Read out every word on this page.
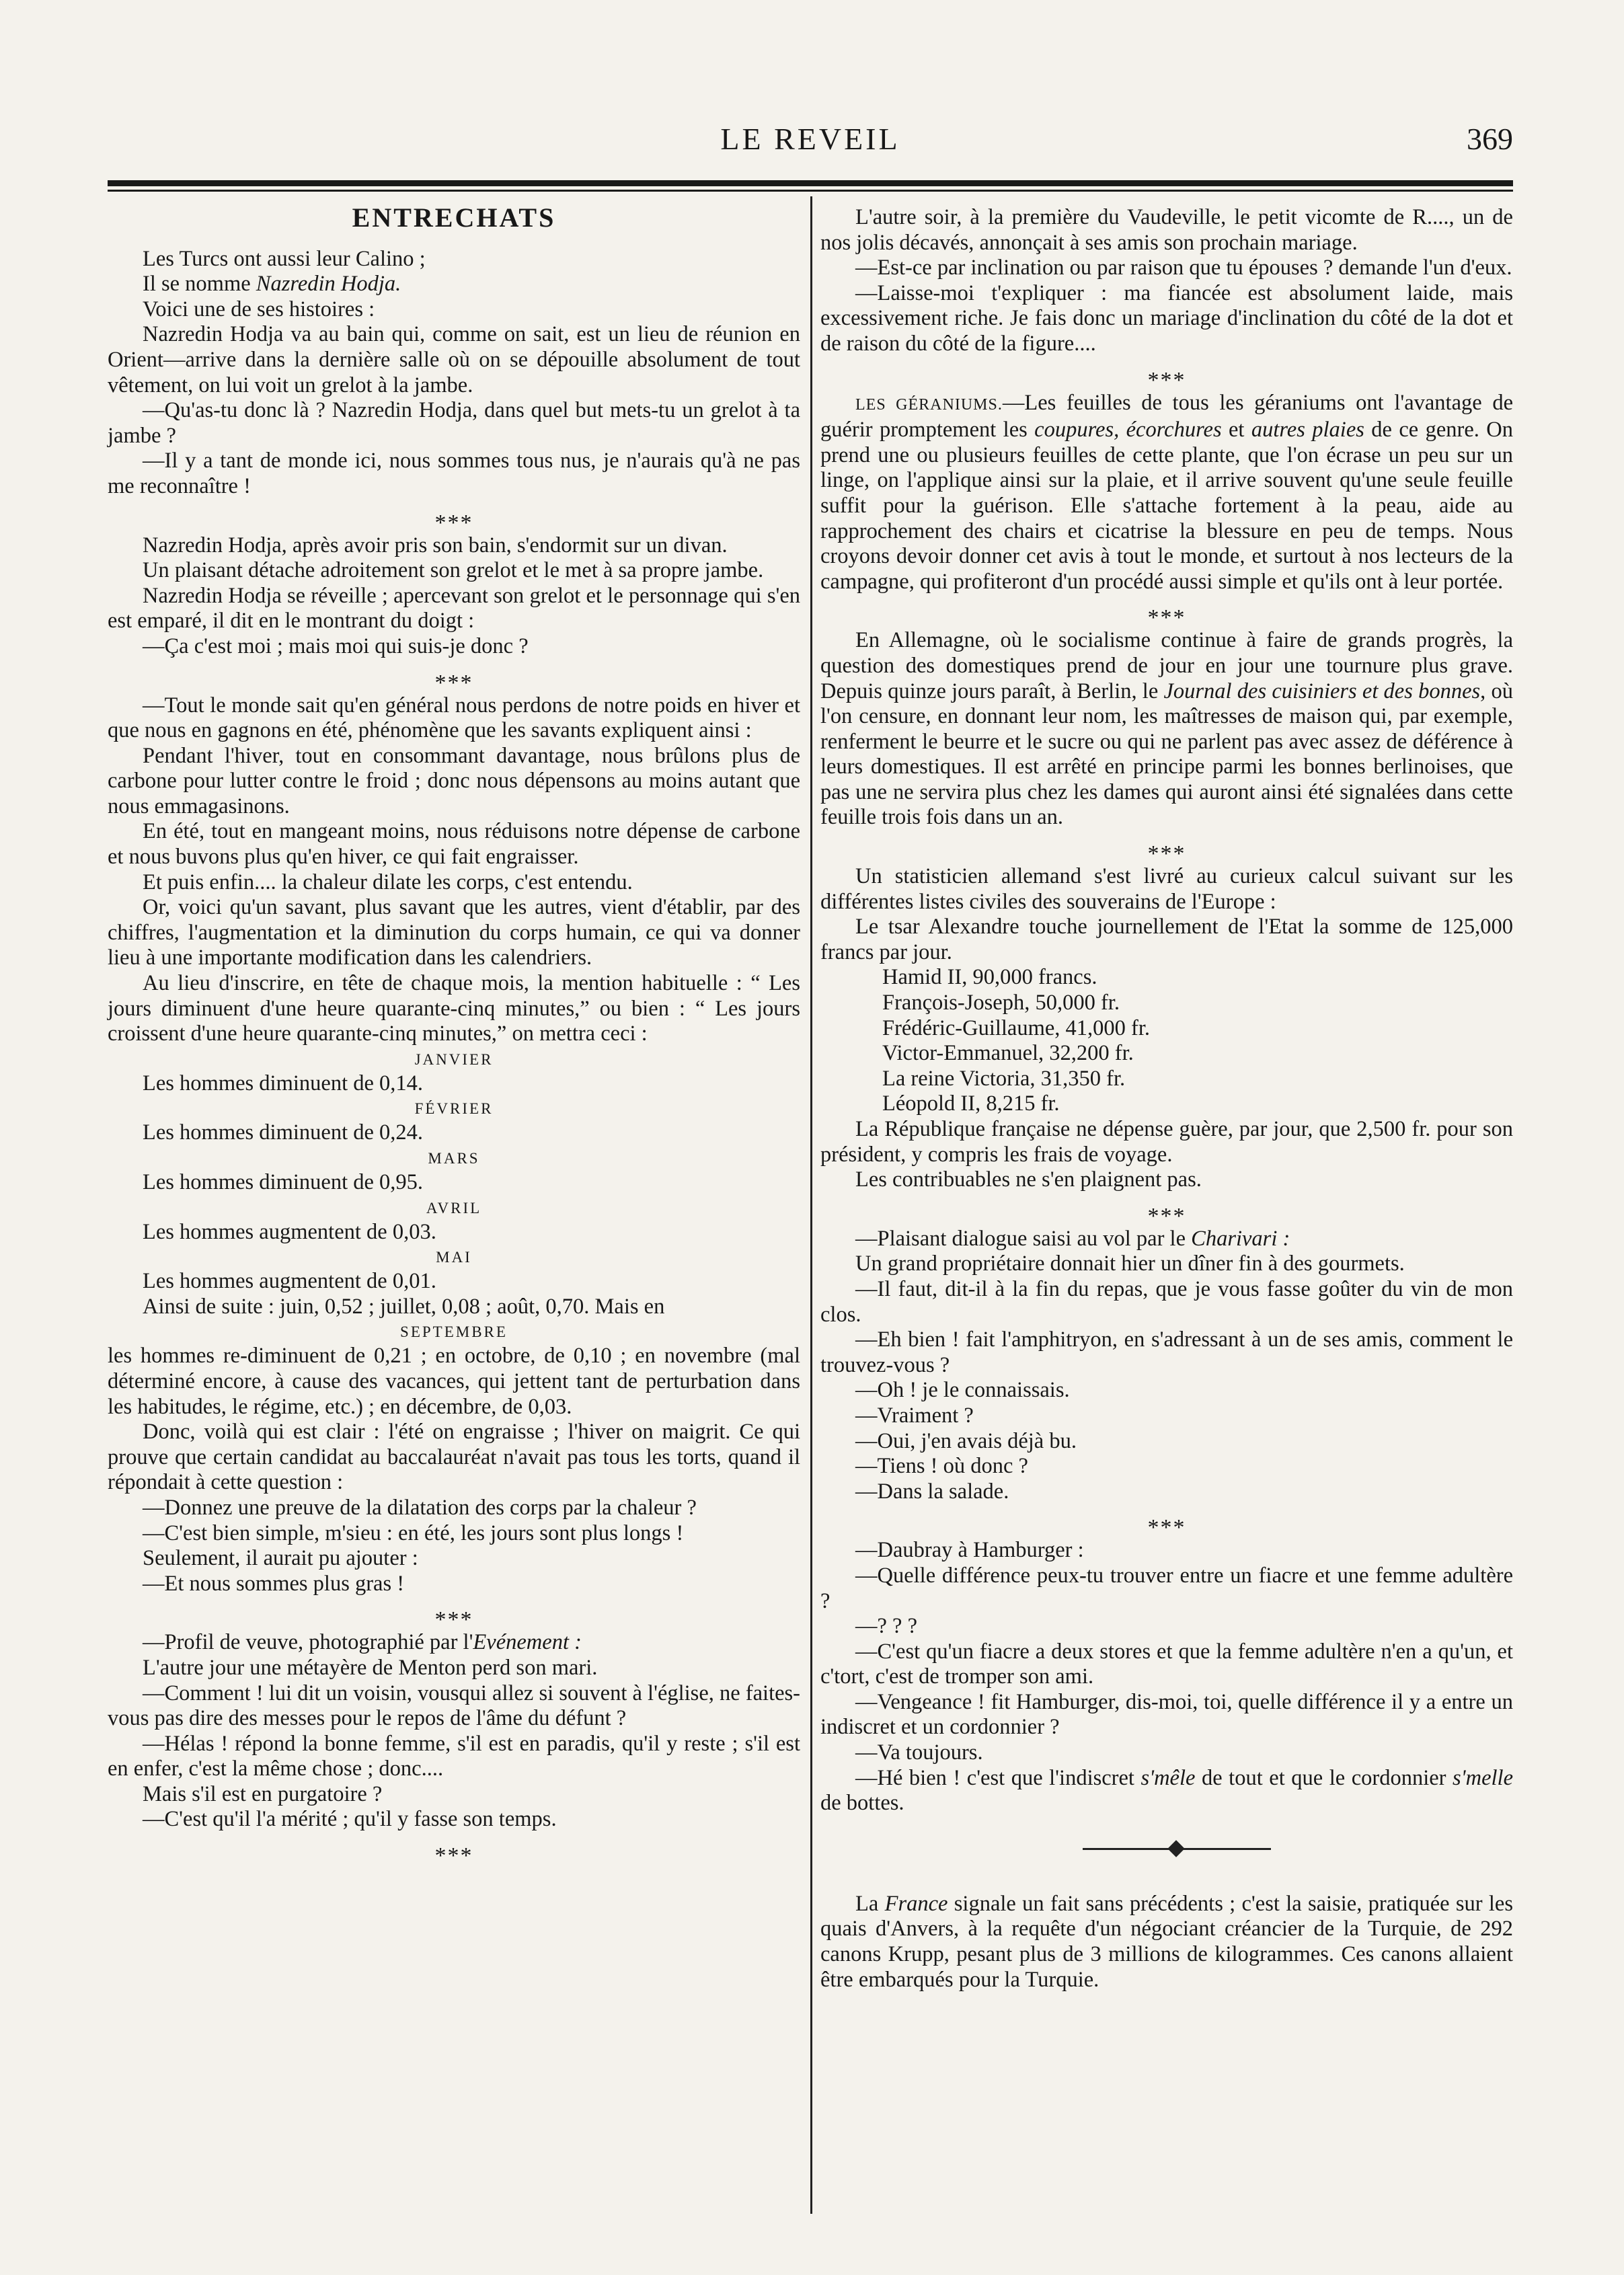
LE REVEIL	369
ENTRECHATS

Les Turcs ont aussi leur Calino ;

Il se nomme Nazredin Hodja.

Voici une de ses histoires :

Nazredin Hodja va au bain qui, comme on sait, est un lieu de réunion en Orient—arrive dans la dernière salle où on se dépouille absolument de tout vêtement, on lui voit un grelot à la jambe.

—Qu'as-tu donc là ? Nazredin Hodja, dans quel but mets-tu un grelot à ta jambe ?

—Il y a tant de monde ici, nous sommes tous nus, je n'aurais qu'à ne pas me reconnaître !

***

Nazredin Hodja, après avoir pris son bain, s'endormit sur un divan.

Un plaisant détache adroitement son grelot et le met à sa propre jambe.

Nazredin Hodja se réveille ; apercevant son grelot et le personnage qui s'en est emparé, il dit en le montrant du doigt :

—Ça c'est moi ; mais moi qui suis-je donc ?

***

—Tout le monde sait qu'en général nous perdons de notre poids en hiver et que nous en gagnons en été, phénomène que les savants expliquent ainsi :

Pendant l'hiver, tout en consommant davantage, nous brûlons plus de carbone pour lutter contre le froid ; donc nous dépensons au moins autant que nous emmagasinons.

En été, tout en mangeant moins, nous réduisons notre dépense de carbone et nous buvons plus qu'en hiver, ce qui fait engraisser.

Et puis enfin.... la chaleur dilate les corps, c'est entendu.

Or, voici qu'un savant, plus savant que les autres, vient d'établir, par des chiffres, l'augmentation et la diminution du corps humain, ce qui va donner lieu à une importante modification dans les calendriers.

Au lieu d'inscrire, en tête de chaque mois, la mention habituelle : “ Les jours diminuent d'une heure quarante-cinq minutes,” ou bien : “ Les jours croissent d'une heure quarante-cinq minutes,” on mettra ceci :

JANVIER

Les hommes diminuent de 0,14.

FÉVRIER

Les hommes diminuent de 0,24.

MARS

Les hommes diminuent de 0,95.

AVRIL

Les hommes augmentent de 0,03.

MAI

Les hommes augmentent de 0,01.

Ainsi de suite : juin, 0,52 ; juillet, 0,08 ; août, 0,70. Mais en

SEPTEMBRE

les hommes re-diminuent de 0,21 ; en octobre, de 0,10 ; en novembre (mal déterminé encore, à cause des vacances, qui jettent tant de perturbation dans les habitudes, le régime, etc.) ; en décembre, de 0,03.

Donc, voilà qui est clair : l'été on engraisse ; l'hiver on maigrit. Ce qui prouve que certain candidat au baccalauréat n'avait pas tous les torts, quand il répondait à cette question :

—Donnez une preuve de la dilatation des corps par la chaleur ?

—C'est bien simple, m'sieu : en été, les jours sont plus longs !

Seulement, il aurait pu ajouter :

—Et nous sommes plus gras !

***

—Profil de veuve, photographié par l'Evénement :

L'autre jour une métayère de Menton perd son mari.

—Comment ! lui dit un voisin, vousqui allez si souvent à l'église, ne faites-vous pas dire des messes pour le repos de l'âme du défunt ?

—Hélas ! répond la bonne femme, s'il est en paradis, qu'il y reste ; s'il est en enfer, c'est la même chose ; donc....

Mais s'il est en purgatoire ?

—C'est qu'il l'a mérité ; qu'il y fasse son temps.

***

L'autre soir, à la première du Vaudeville, le petit vicomte de R...., un de nos jolis décavés, annonçait à ses amis son prochain mariage.

—Est-ce par inclination ou par raison que tu épouses ? demande l'un d'eux.

—Laisse-moi t'expliquer : ma fiancée est absolument laide, mais excessivement riche. Je fais donc un mariage d'inclination du côté de la dot et de raison du côté de la figure....

***

LES GÉRANIUMS.—Les feuilles de tous les géraniums ont l'avantage de guérir promptement les coupures, écorchures et autres plaies de ce genre. On prend une ou plusieurs feuilles de cette plante, que l'on écrase un peu sur un linge, on l'applique ainsi sur la plaie, et il arrive souvent qu'une seule feuille suffit pour la guérison. Elle s'attache fortement à la peau, aide au rapprochement des chairs et cicatrise la blessure en peu de temps. Nous croyons devoir donner cet avis à tout le monde, et surtout à nos lecteurs de la campagne, qui profiteront d'un procédé aussi simple et qu'ils ont à leur portée.

***

En Allemagne, où le socialisme continue à faire de grands progrès, la question des domestiques prend de jour en jour une tournure plus grave. Depuis quinze jours paraît, à Berlin, le Journal des cuisiniers et des bonnes, où l'on censure, en donnant leur nom, les maîtresses de maison qui, par exemple, renferment le beurre et le sucre ou qui ne parlent pas avec assez de déférence à leurs domestiques. Il est arrêté en principe parmi les bonnes berlinoises, que pas une ne servira plus chez les dames qui auront ainsi été signalées dans cette feuille trois fois dans un an.

***

Un statisticien allemand s'est livré au curieux calcul suivant sur les différentes listes civiles des souverains de l'Europe :

Le tsar Alexandre touche journellement de l'Etat la somme de 125,000 francs par jour.

Hamid II, 90,000 francs.

François-Joseph, 50,000 fr.

Frédéric-Guillaume, 41,000 fr.

Victor-Emmanuel, 32,200 fr.

La reine Victoria, 31,350 fr.

Léopold II, 8,215 fr.

La République française ne dépense guère, par jour, que 2,500 fr. pour son président, y compris les frais de voyage.

Les contribuables ne s'en plaignent pas.

***

—Plaisant dialogue saisi au vol par le Charivari :

Un grand propriétaire donnait hier un dîner fin à des gourmets.

—Il faut, dit-il à la fin du repas, que je vous fasse goûter du vin de mon clos.

—Eh bien ! fait l'amphitryon, en s'adressant à un de ses amis, comment le trouvez-vous ?

—Oh ! je le connaissais.

—Vraiment ?

—Oui, j'en avais déjà bu.

—Tiens ! où donc ?

—Dans la salade.

***

—Daubray à Hamburger :

—Quelle différence peux-tu trouver entre un fiacre et une femme adultère ?

—? ? ?

—C'est qu'un fiacre a deux stores et que la femme adultère n'en a qu'un, et c'tort, c'est de tromper son ami.

—Vengeance ! fit Hamburger, dis-moi, toi, quelle différence il y a entre un indiscret et un cordonnier ?

—Va toujours.

—Hé bien ! c'est que l'indiscret s'mêle de tout et que le cordonnier s'melle de bottes.

La France signale un fait sans précédents ; c'est la saisie, pratiquée sur les quais d'Anvers, à la requête d'un négociant créancier de la Turquie, de 292 canons Krupp, pesant plus de 3 millions de kilogrammes. Ces canons allaient être embarqués pour la Turquie.
